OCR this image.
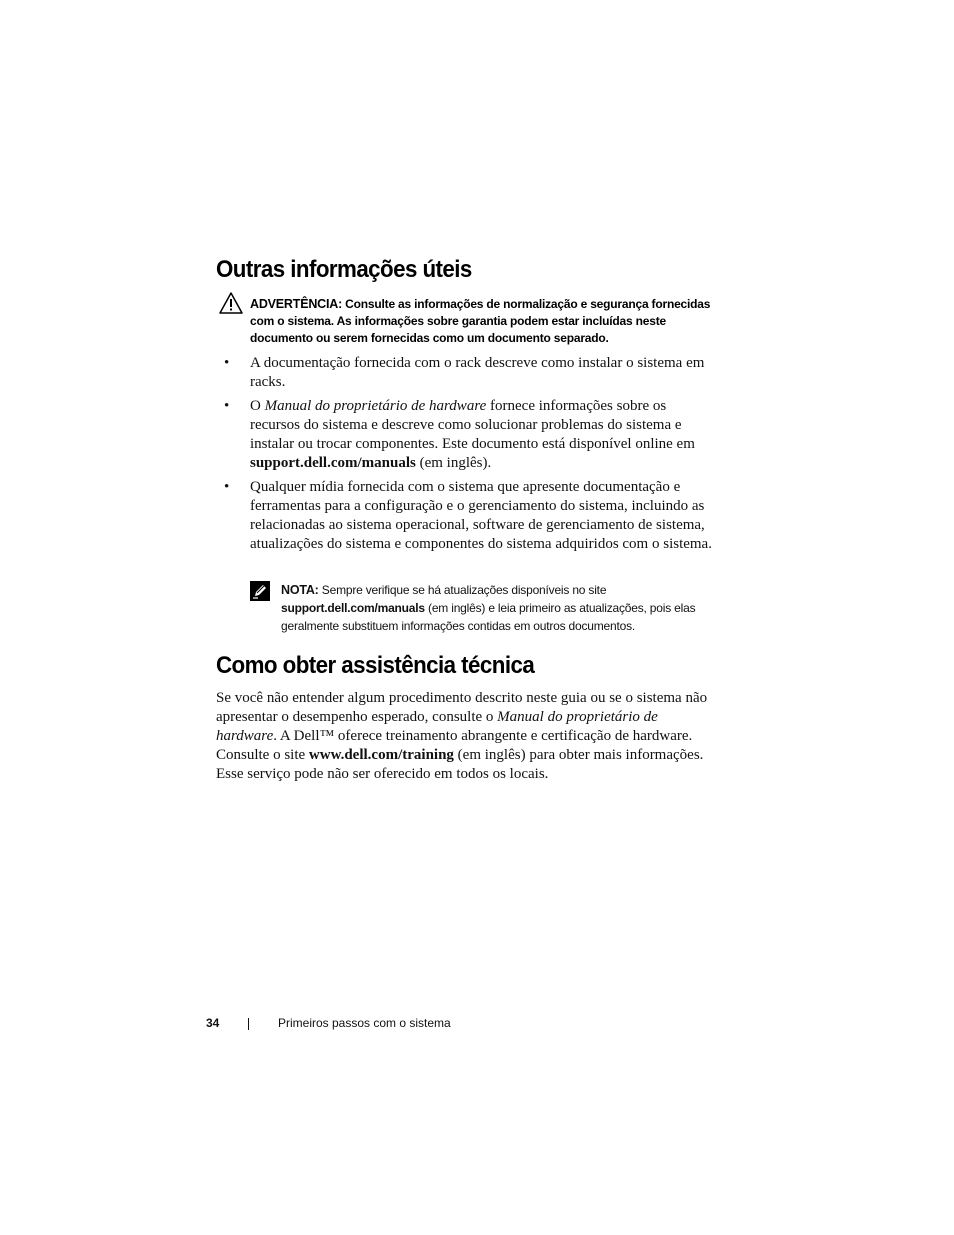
Outras informações úteis
ADVERTÊNCIA: Consulte as informações de normalização e segurança fornecidas com o sistema. As informações sobre garantia podem estar incluídas neste documento ou serem fornecidas como um documento separado.
• A documentação fornecida com o rack descreve como instalar o sistema em racks.
• O Manual do proprietário de hardware fornece informações sobre os recursos do sistema e descreve como solucionar problemas do sistema e instalar ou trocar componentes. Este documento está disponível online em support.dell.com/manuals (em inglês).
• Qualquer mídia fornecida com o sistema que apresente documentação e ferramentas para a configuração e o gerenciamento do sistema, incluindo as relacionadas ao sistema operacional, software de gerenciamento de sistema, atualizações do sistema e componentes do sistema adquiridos com o sistema.
NOTA: Sempre verifique se há atualizações disponíveis no site support.dell.com/manuals (em inglês) e leia primeiro as atualizações, pois elas geralmente substituem informações contidas em outros documentos.
Como obter assistência técnica

Se você não entender algum procedimento descrito neste guia ou se o sistema não apresentar o desempenho esperado, consulte o Manual do proprietário de hardware. A Dell™ oferece treinamento abrangente e certificação de hardware. Consulte o site www.dell.com/training (em inglês) para obter mais informações. Esse serviço pode não ser oferecido em todos os locais.

34	Primeiros passos com o sistema
